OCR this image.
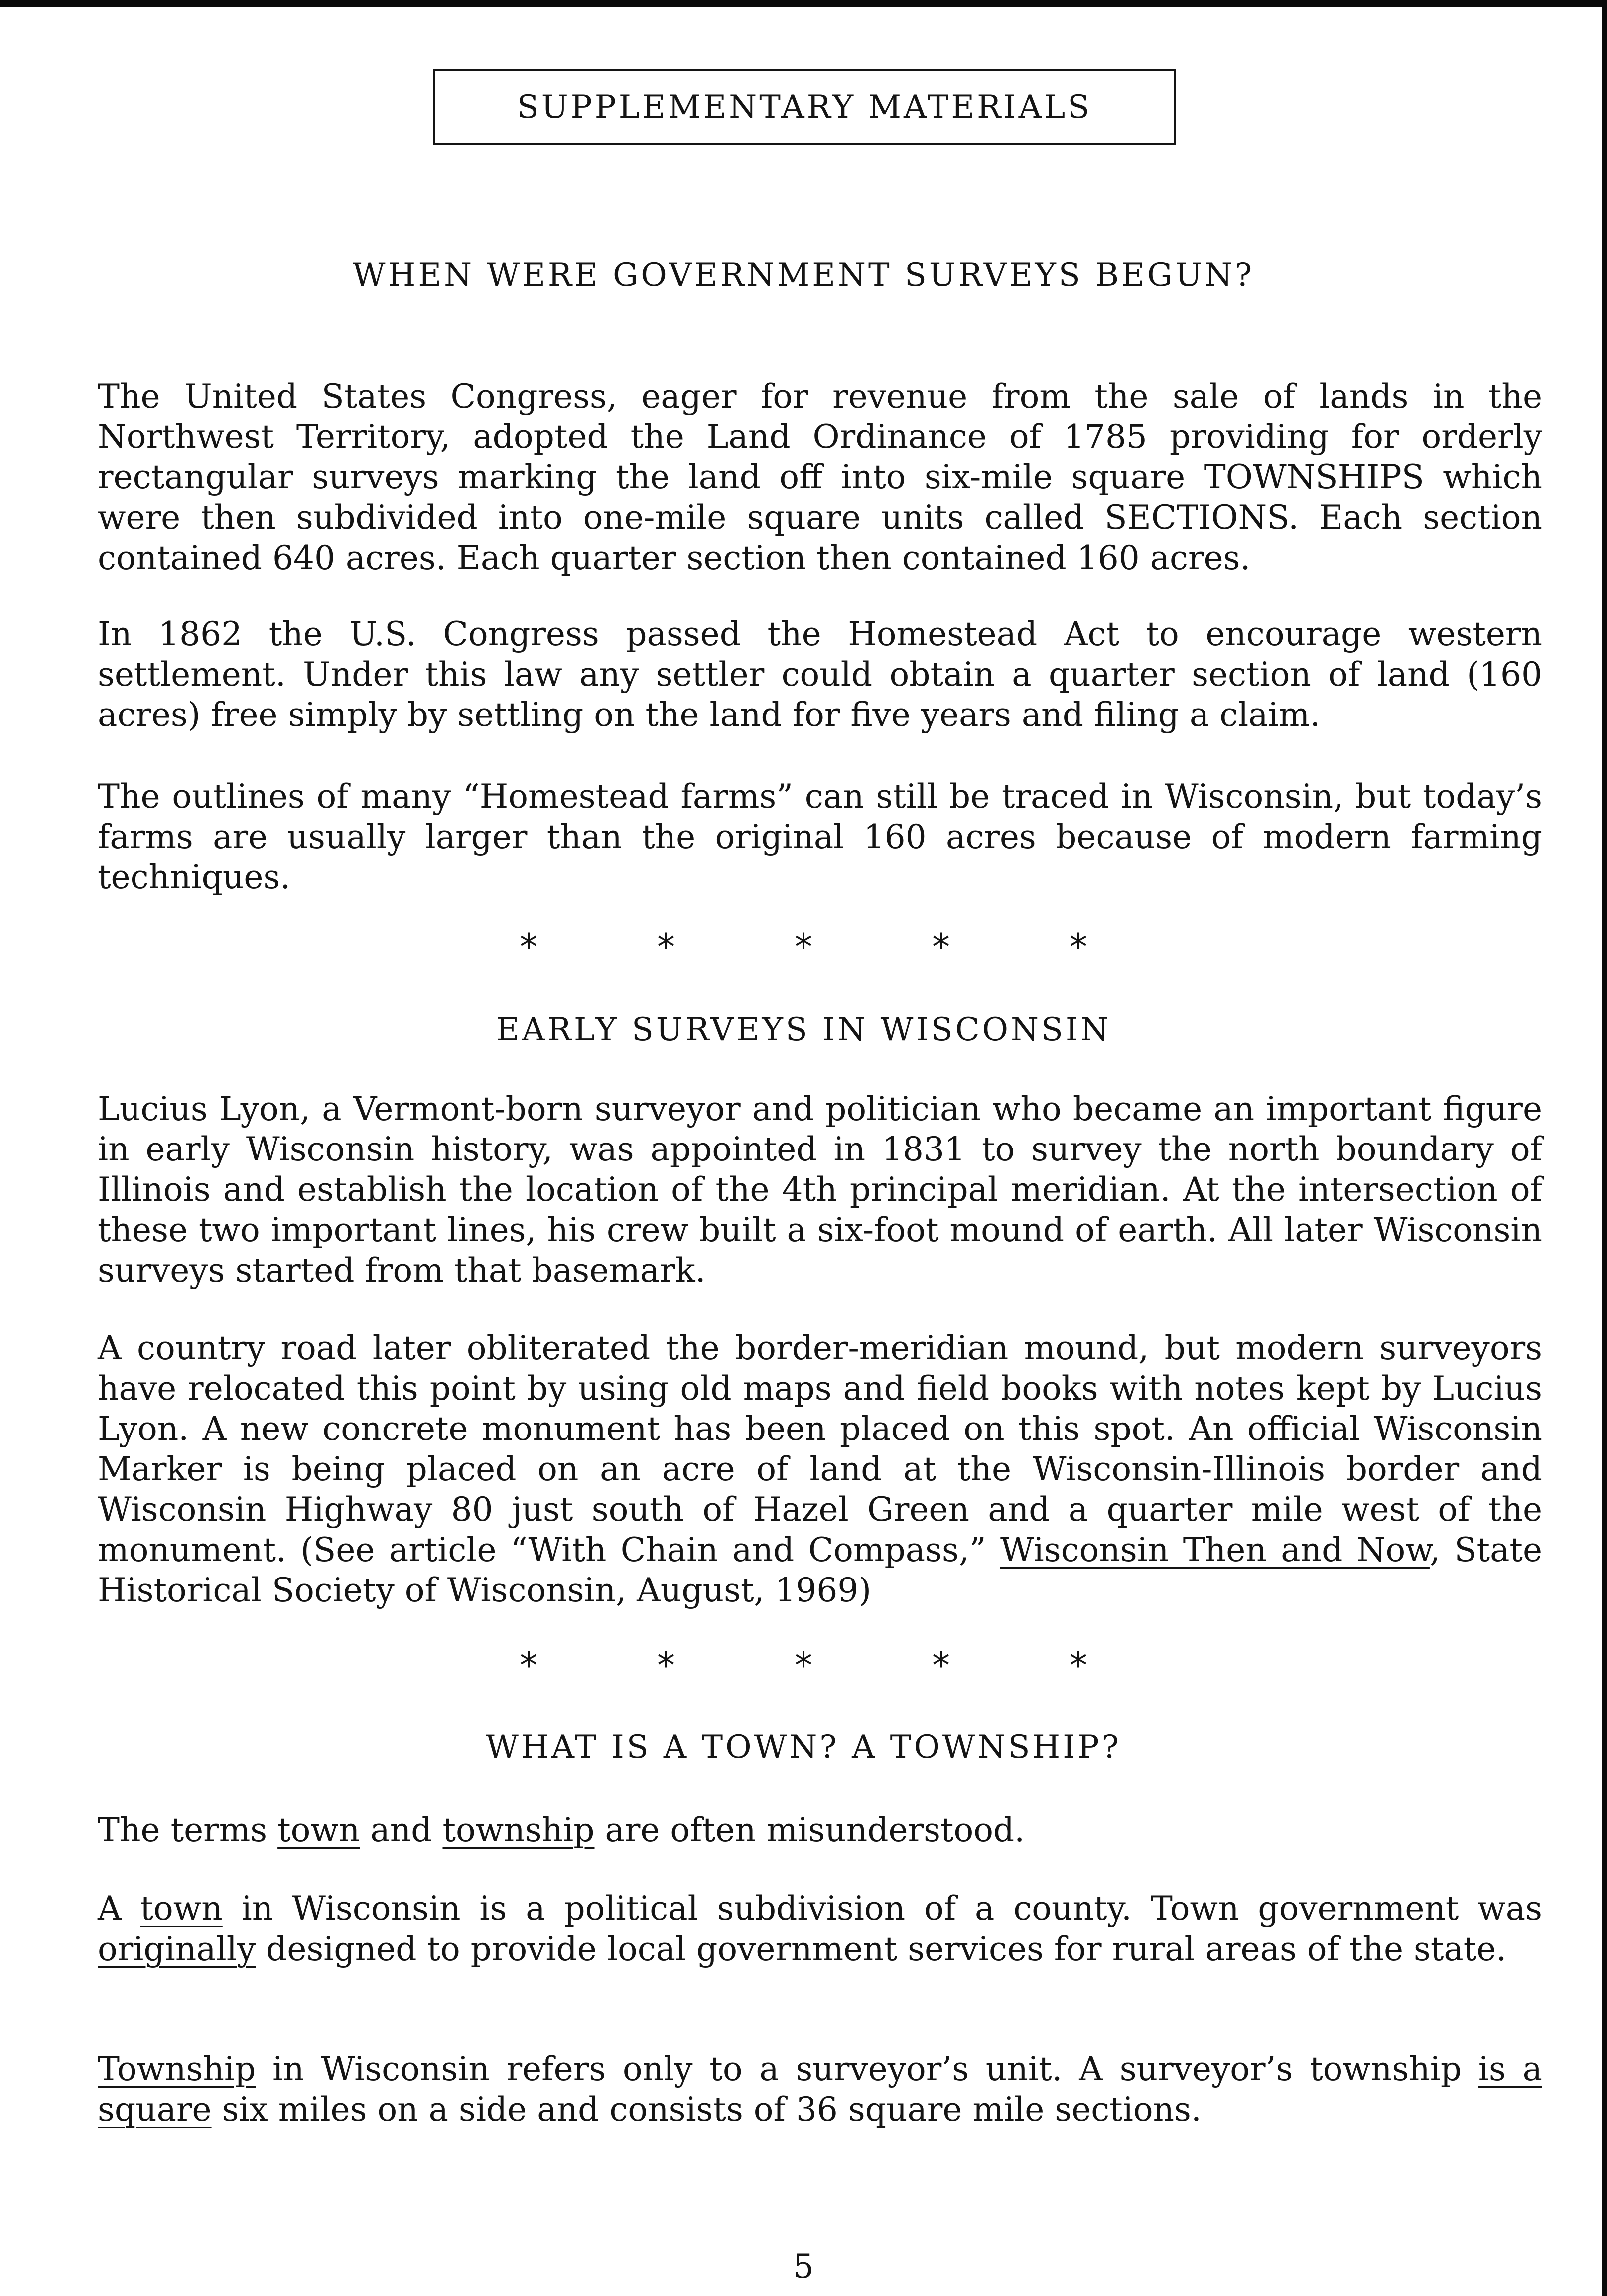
SUPPLEMENTARY MATERIALS
WHEN WERE GOVERNMENT SURVEYS BEGUN?

The United States Congress, eager for revenue from the sale of lands in the Northwest Territory, adopted the Land Ordinance of 1785 providing for orderly rectangular surveys marking the land off into six-mile square TOWNSHIPS which were then subdivided into one-mile square units called SECTIONS. Each section contained 640 acres. Each quarter section then contained 160 acres.

In 1862 the U.S. Congress passed the Homestead Act to encourage western settlement. Under this law any settler could obtain a quarter section of land (160 acres) free simply by settling on the land for five years and filing a claim.

The outlines of many “Homestead farms” can still be traced in Wisconsin, but today’s farms are usually larger than the original 160 acres because of modern farming techniques.

*	*	*	*	*
EARLY SURVEYS IN WISCONSIN

Lucius Lyon, a Vermont-born surveyor and politician who became an important figure in early Wisconsin history, was appointed in 1831 to survey the north boundary of Illinois and establish the location of the 4th principal meridian. At the intersection of these two important lines, his crew built a six-foot mound of earth. All later Wisconsin surveys started from that basemark.

A country road later obliterated the border-meridian mound, but modern surveyors have relocated this point by using old maps and field books with notes kept by Lucius Lyon. A new concrete monument has been placed on this spot. An official Wisconsin Marker is being placed on an acre of land at the Wisconsin-Illinois border and Wisconsin Highway 80 just south of Hazel Green and a quarter mile west of the monument. (See article “With Chain and Compass,” Wisconsin Then and Now, State Historical Society of Wisconsin, August, 1969)

*	*	*	*	*
WHAT IS A TOWN? A TOWNSHIP?

The terms town and township are often misunderstood.

A town in Wisconsin is a political subdivision of a county. Town government was originally designed to provide local government services for rural areas of the state.

Township in Wisconsin refers only to a surveyor’s unit. A surveyor’s township is a square six miles on a side and consists of 36 square mile sections.

5
